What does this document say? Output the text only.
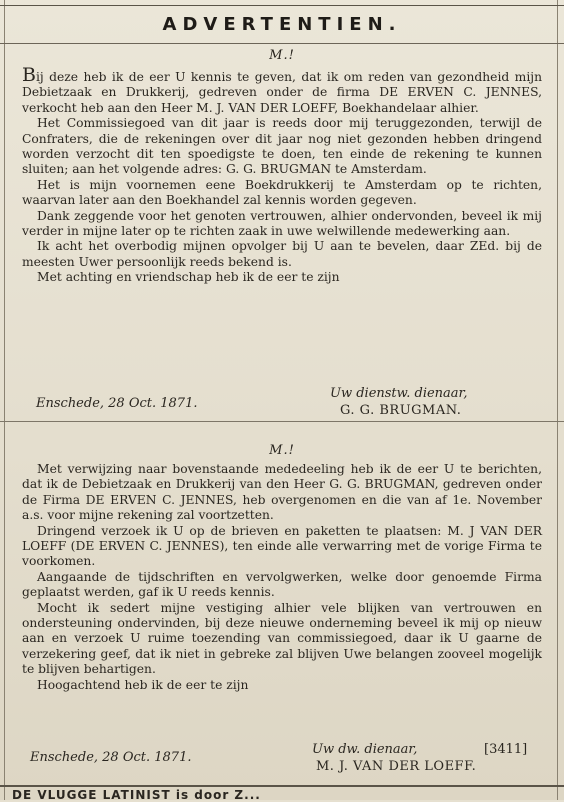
ADVERTENTIEN.
M.!

Bij deze heb ik de eer U kennis te geven, dat ik om reden van gezondheid mijn Debietzaak en Drukkerij, gedreven onder de firma DE ERVEN C. JENNES, verkocht heb aan den Heer M. J. VAN DER LOEFF, Boekhandelaar alhier.

Het Commissiegoed van dit jaar is reeds door mij teruggezonden, terwijl de Confraters, die de rekeningen over dit jaar nog niet gezonden hebben dringend worden verzocht dit ten spoedigste te doen, ten einde de rekening te kunnen sluiten; aan het volgende adres: G. G. BRUGMAN te Amsterdam.

Het is mijn voornemen eene Boekdrukkerij te Amsterdam op te richten, waarvan later aan den Boekhandel zal kennis worden gegeven.

Dank zeggende voor het genoten vertrouwen, alhier ondervonden, beveel ik mij verder in mijne later op te richten zaak in uwe welwillende medewerking aan.

Ik acht het overbodig mijnen opvolger bij U aan te bevelen, daar ZEd. bij de meesten Uwer persoonlijk reeds bekend is.

Met achting en vriendschap heb ik de eer te zijn

Enschede, 28 Oct. 1871.
Uw dienstw. dienaar,
G. G. BRUGMAN.
M.!

Met verwijzing naar bovenstaande mededeeling heb ik de eer U te berichten, dat ik de Debietzaak en Drukkerij van den Heer G. G. BRUGMAN, gedreven onder de Firma DE ERVEN C. JENNES, heb overgenomen en die van af 1e. November a.s. voor mijne rekening zal voortzetten.

Dringend verzoek ik U op de brieven en paketten te plaatsen: M. J VAN DER LOEFF (DE ERVEN C. JENNES), ten einde alle verwarring met de vorige Firma te voorkomen.

Aangaande de tijdschriften en vervolgwerken, welke door genoemde Firma geplaatst werden, gaf ik U reeds kennis.

Mocht ik sedert mijne vestiging alhier vele blijken van vertrouwen en ondersteuning ondervinden, bij deze nieuwe onderneming beveel ik mij op nieuw aan en verzoek U ruime toezending van commissiegoed, daar ik U gaarne de verzekering geef, dat ik niet in gebreke zal blijven Uwe belangen zooveel mogelijk te blijven behartigen.

Hoogachtend heb ik de eer te zijn

Enschede, 28 Oct. 1871.
Uw dw. dienaar,	[3411]
M. J. VAN DER LOEFF.
DE VLUGGE LATINIST is door Z...
